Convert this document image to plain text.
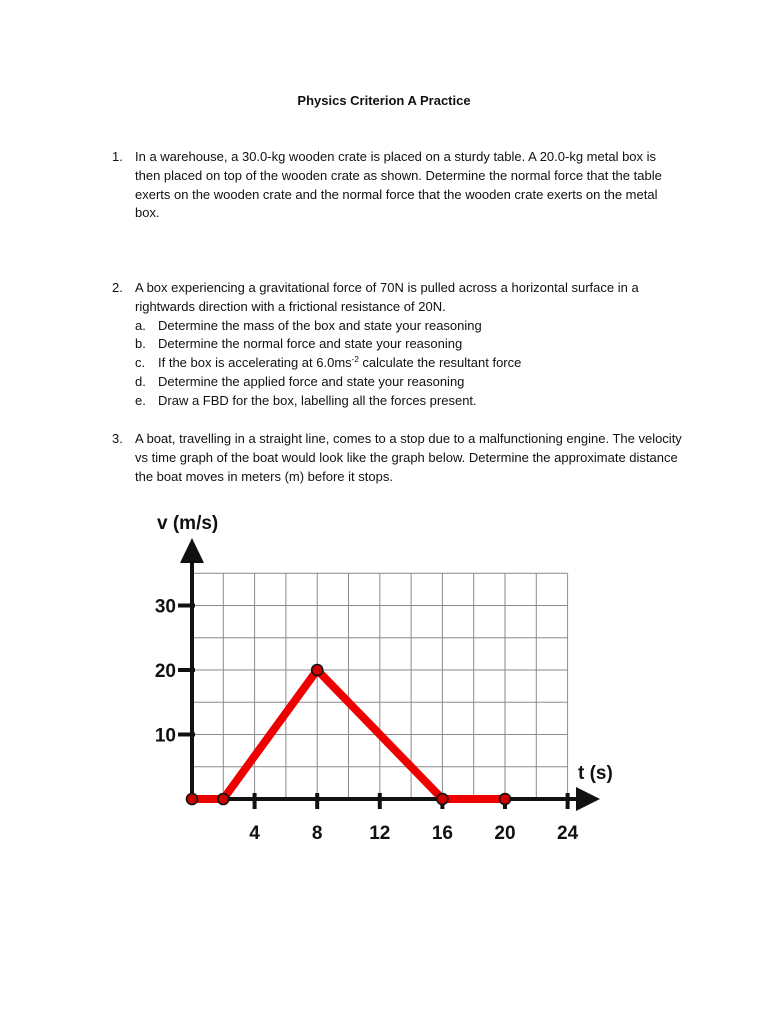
Physics Criterion A Practice
1. In a warehouse, a 30.0-kg wooden crate is placed on a sturdy table. A 20.0-kg metal box is then placed on top of the wooden crate as shown. Determine the normal force that the table exerts on the wooden crate and the normal force that the wooden crate exerts on the metal box.
2. A box experiencing a gravitational force of 70N is pulled across a horizontal surface in a rightwards direction with a frictional resistance of 20N.
a. Determine the mass of the box and state your reasoning
b. Determine the normal force and state your reasoning
c. If the box is accelerating at $6.0ms^{-2}$ calculate the resultant force
d. Determine the applied force and state your reasoning
e. Draw a FBD for the box, labelling all the forces present.
3. A boat, travelling in a straight line, comes to a stop due to a malfunctioning engine. The velocity vs time graph of the boat would look like the graph below. Determine the approximate distance the boat moves in meters (m) before it stops.
4	8 12 16 20 24
10
20
30
v (m/s)
t (s)
